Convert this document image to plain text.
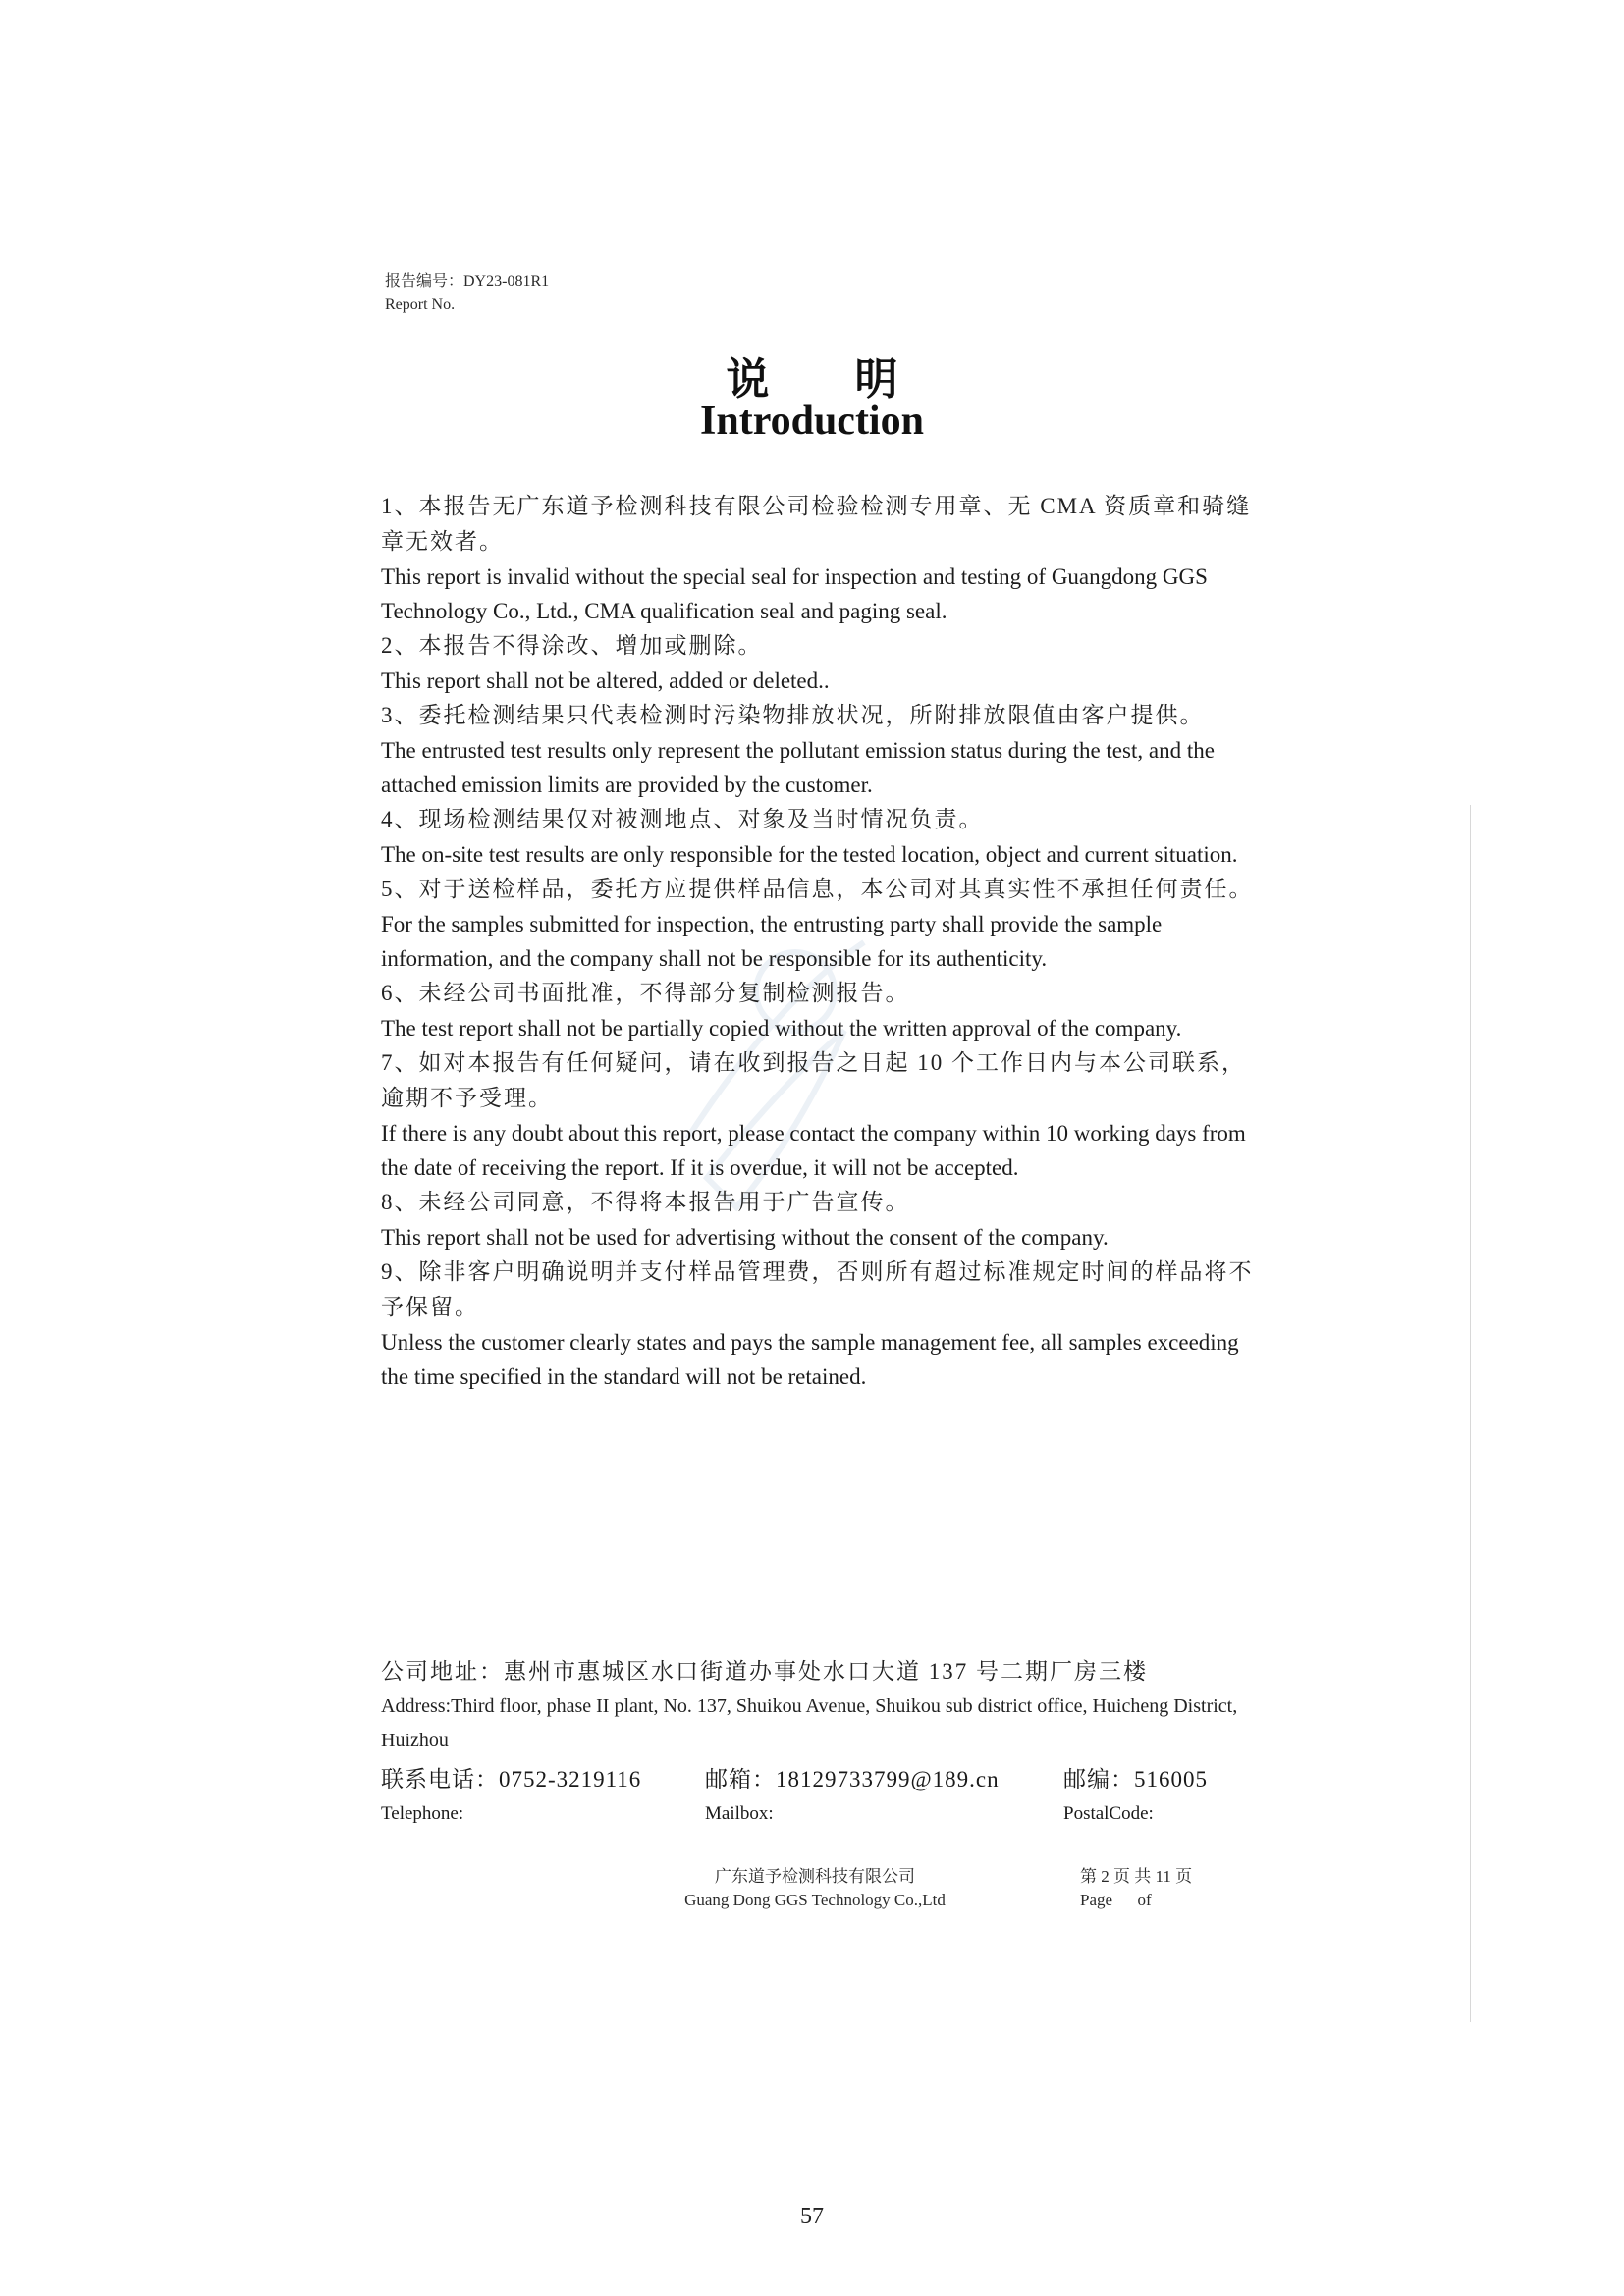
报告编号：DY23-081R1
Report No.
说 明
Introduction
1、本报告无广东道予检测科技有限公司检验检测专用章、无 CMA 资质章和骑缝章无效者。
This report is invalid without the special seal for inspection and testing of Guangdong GGS Technology Co., Ltd., CMA qualification seal and paging seal.
2、本报告不得涂改、增加或删除。
This report shall not be altered, added or deleted..
3、委托检测结果只代表检测时污染物排放状况，所附排放限值由客户提供。
The entrusted test results only represent the pollutant emission status during the test, and the attached emission limits are provided by the customer.
4、现场检测结果仅对被测地点、对象及当时情况负责。
The on-site test results are only responsible for the tested location, object and current situation.
5、对于送检样品，委托方应提供样品信息，本公司对其真实性不承担任何责任。
For the samples submitted for inspection, the entrusting party shall provide the sample information, and the company shall not be responsible for its authenticity.
6、未经公司书面批准，不得部分复制检测报告。
The test report shall not be partially copied without the written approval of the company.
7、如对本报告有任何疑问，请在收到报告之日起 10 个工作日内与本公司联系，逾期不予受理。
If there is any doubt about this report, please contact the company within 10 working days from the date of receiving the report. If it is overdue, it will not be accepted.
8、未经公司同意，不得将本报告用于广告宣传。
This report shall not be used for advertising without the consent of the company.
9、除非客户明确说明并支付样品管理费，否则所有超过标准规定时间的样品将不予保留。
Unless the customer clearly states and pays the sample management fee, all samples exceeding the time specified in the standard will not be retained.
公司地址：惠州市惠城区水口街道办事处水口大道 137 号二期厂房三楼
Address:Third floor, phase II plant, No. 137, Shuikou Avenue, Shuikou sub district office, Huicheng District, Huizhou
联系电话：0752-3219116
Telephone:
邮箱：18129733799@189.cn
Mailbox:
邮编：516005
PostalCode:
广东道予检测科技有限公司
Guang Dong GGS Technology Co.,Ltd
第 2 页 共 11 页
Page      of
57
